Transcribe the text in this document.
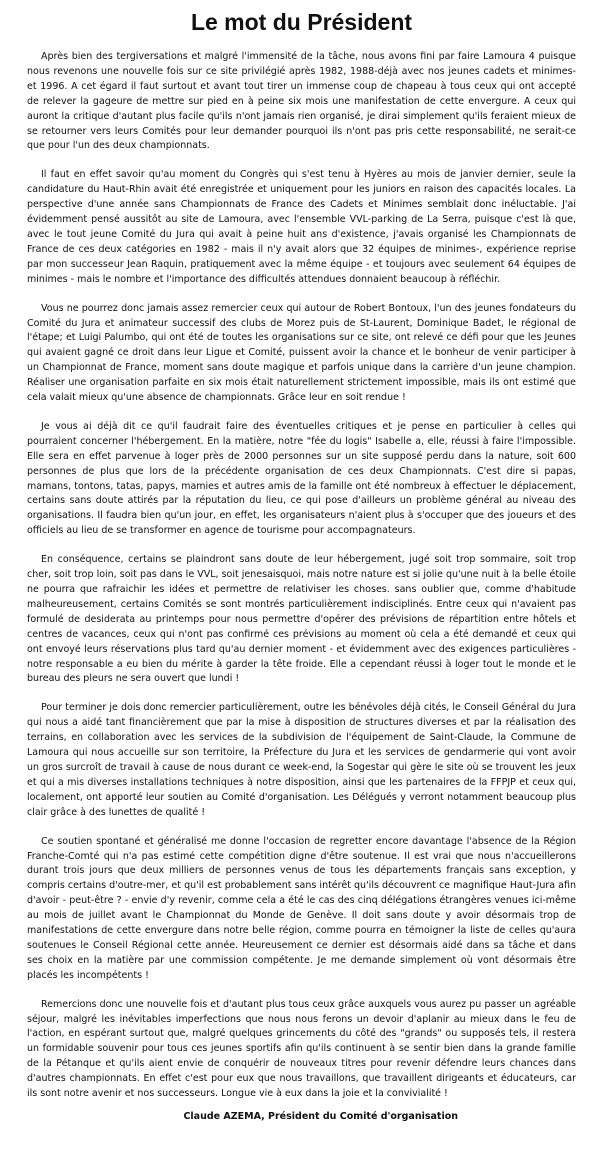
Le mot du Président

Après bien des tergiversations et malgré l'immensité de la tâche, nous avons fini par faire Lamoura 4 puisque nous revenons une nouvelle fois sur ce site privilégié après 1982, 1988-déjà avec nos jeunes cadets et minimes- et 1996. A cet égard il faut surtout et avant tout tirer un immense coup de chapeau à tous ceux qui ont accepté de relever la gageure de mettre sur pied en à peine six mois une manifestation de cette envergure. A ceux qui auront la critique d'autant plus facile qu'ils n'ont jamais rien organisé, je dirai simplement qu'ils feraient mieux de se retourner vers leurs Comités pour leur demander pourquoi ils n'ont pas pris cette responsabilité, ne serait-ce que pour l'un des deux championnats.

Il faut en effet savoir qu'au moment du Congrès qui s'est tenu à Hyères au mois de janvier dernier, seule la candidature du Haut-Rhin avait été enregistrée et uniquement pour les juniors en raison des capacités locales. La perspective d'une année sans Championnats de France des Cadets et Minimes semblait donc inéluctable. J'ai évidemment pensé aussitôt au site de Lamoura, avec l'ensemble VVL-parking de La Serra, puisque c'est là que, avec le tout jeune Comité du Jura qui avait à peine huit ans d'existence, j'avais organisé les Championnats de France de ces deux catégories en 1982 - mais il n'y avait alors que 32 équipes de minimes-, expérience reprise par mon successeur Jean Raquin, pratiquement avec la même équipe - et toujours avec seulement 64 équipes de minimes - mais le nombre et l'importance des difficultés attendues donnaient beaucoup à réfléchir.

Vous ne pourrez donc jamais assez remercier ceux qui autour de Robert Bontoux, l'un des jeunes fondateurs du Comité du Jura et animateur successif des clubs de Morez puis de St-Laurent, Dominique Badet, le régional de l'étape; et Luigi Palumbo, qui ont été de toutes les organisations sur ce site, ont relevé ce défi pour que les Jeunes qui avaient gagné ce droit dans leur Ligue et Comité, puissent avoir la chance et le bonheur de venir participer à un Championnat de France, moment sans doute magique et parfois unique dans la carrière d'un jeune champion. Réaliser une organisation parfaite en six mois était naturellement strictement impossible, mais ils ont estimé que cela valait mieux qu'une absence de championnats. Grâce leur en soit rendue !

Je vous ai déjà dit ce qu'il faudrait faire des éventuelles critiques et je pense en particulier à celles qui pourraient concerner l'hébergement. En la matière, notre "fée du logis" Isabelle a, elle, réussi à faire l'impossible. Elle sera en effet parvenue à loger près de 2000 personnes sur un site supposé perdu dans la nature, soit 600 personnes de plus que lors de la précédente organisation de ces deux Championnats. C'est dire si papas, mamans, tontons, tatas, papys, mamies et autres amis de la famille ont été nombreux à effectuer le déplacement, certains sans doute attirés par la réputation du lieu, ce qui pose d'ailleurs un problème général au niveau des organisations. Il faudra bien qu'un jour, en effet, les organisateurs n'aient plus à s'occuper que des joueurs et des officiels au lieu de se transformer en agence de tourisme pour accompagnateurs.

En conséquence, certains se plaindront sans doute de leur hébergement, jugé soit trop sommaire, soit trop cher, soit trop loin, soit pas dans le VVL, soit jenesaisquoi, mais notre nature est si jolie qu'une nuit à la belle étoile ne pourra que rafraichir les idées et permettre de relativiser les choses. sans oublier que, comme d'habitude malheureusement, certains Comités se sont montrés particulièrement indisciplinés. Entre ceux qui n'avaient pas formulé de desiderata au printemps pour nous permettre d'opérer des prévisions de répartition entre hôtels et centres de vacances, ceux qui n'ont pas confirmé ces prévisions au moment où cela a été demandé et ceux qui ont envoyé leurs réservations plus tard qu'au dernier moment - et évidemment avec des exigences particulières - notre responsable a eu bien du mérite à garder la tête froide. Elle a cependant réussi à loger tout le monde et le bureau des pleurs ne sera ouvert que lundi !

Pour terminer je dois donc remercier particulièrement, outre les bénévoles déjà cités, le Conseil Général du Jura qui nous a aidé tant financièrement que par la mise à disposition de structures diverses et par la réalisation des terrains, en collaboration avec les services de la subdivision de l'équipement de Saint-Claude, la Commune de Lamoura qui nous accueille sur son territoire, la Préfecture du Jura et les services de gendarmerie qui vont avoir un gros surcroît de travail à cause de nous durant ce week-end, la Sogestar qui gère le site où se trouvent les jeux et qui a mis diverses installations techniques à notre disposition, ainsi que les partenaires de la FFPJP et ceux qui, localement, ont apporté leur soutien au Comité d'organisation. Les Délégués y verront notamment beaucoup plus clair grâce à des lunettes de qualité !

Ce soutien spontané et généralisé me donne l'occasion de regretter encore davantage l'absence de la Région Franche-Comté qui n'a pas estimé cette compétition digne d'être soutenue. Il est vrai que nous n'accueillerons durant trois jours que deux milliers de personnes venus de tous les départements français sans exception, y compris certains d'outre-mer, et qu'il est probablement sans intérêt qu'ils découvrent ce magnifique Haut-Jura afin d'avoir - peut-être ? - envie d'y revenir, comme cela a été le cas des cinq délégations étrangères venues ici-même au mois de juillet avant le Championnat du Monde de Genève. Il doit sans doute y avoir désormais trop de manifestations de cette envergure dans notre belle région, comme pourra en témoigner la liste de celles qu'aura soutenues le Conseil Régional cette année. Heureusement ce dernier est désormais aidé dans sa tâche et dans ses choix en la matière par une commission compétente. Je me demande simplement où vont désormais être placés les incompétents !

Remercions donc une nouvelle fois et d'autant plus tous ceux grâce auxquels vous aurez pu passer un agréable séjour, malgré les inévitables imperfections que nous nous ferons un devoir d'aplanir au mieux dans le feu de l'action, en espérant surtout que, malgré quelques grincements du côté des "grands" ou supposés tels, il restera un formidable souvenir pour tous ces jeunes sportifs afin qu'ils continuent à se sentir bien dans la grande famille de la Pétanque et qu'ils aient envie de conquérir de nouveaux titres pour revenir défendre leurs chances dans d'autres championnats. En effet c'est pour eux que nous travaillons, que travaillent dirigeants et éducateurs, car ils sont notre avenir et nos successeurs. Longue vie à eux dans la joie et la convivialité !

Claude AZEMA, Président du Comité d'organisation
